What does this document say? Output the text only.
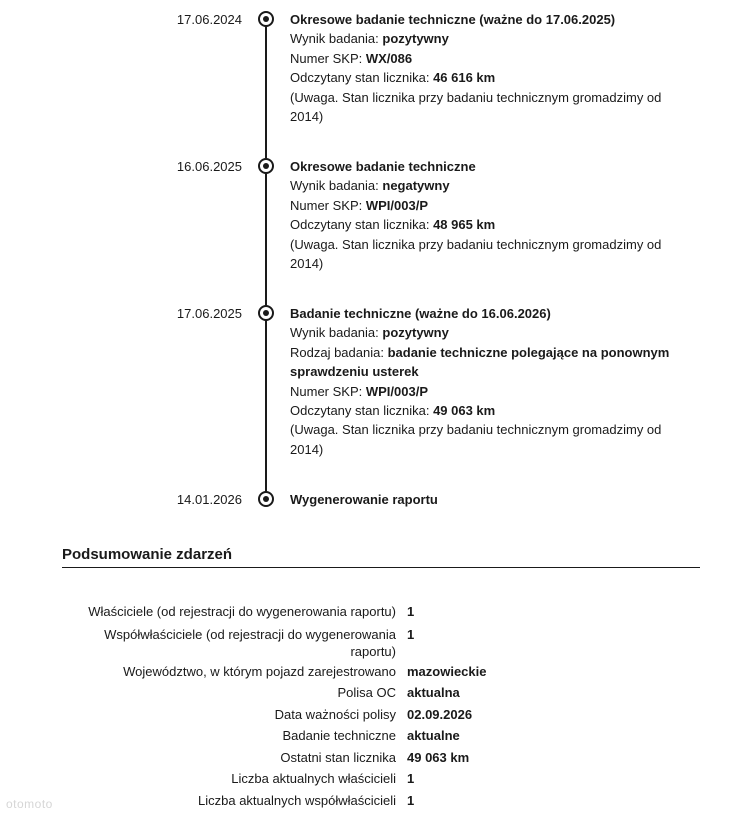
17.06.2024	Okresowe badanie techniczne (ważne do 17.06.2025)
Wynik badania: pozytywny
Numer SKP: WX/086
Odczytany stan licznika: 46 616 km
(Uwaga. Stan licznika przy badaniu technicznym gromadzimy od 2014)
16.06.2025	Okresowe badanie techniczne
Wynik badania: negatywny
Numer SKP: WPI/003/P
Odczytany stan licznika: 48 965 km
(Uwaga. Stan licznika przy badaniu technicznym gromadzimy od 2014)
17.06.2025	Badanie techniczne (ważne do 16.06.2026)
Wynik badania: pozytywny
Rodzaj badania: badanie techniczne polegające na ponownym sprawdzeniu usterek
Numer SKP: WPI/003/P
Odczytany stan licznika: 49 063 km
(Uwaga. Stan licznika przy badaniu technicznym gromadzimy od 2014)
14.01.2026	Wygenerowanie raportu
Podsumowanie zdarzeń
Właściciele (od rejestracji do wygenerowania raportu) 1
Współwłaściciele (od rejestracji do wygenerowania raportu)
1
Województwo, w którym pojazd zarejestrowano mazowieckie
Polisa OC aktualna
Data ważności polisy 02.09.2026
Badanie techniczne aktualne
Ostatni stan licznika 49 063 km
Liczba aktualnych właścicieli 1
Liczba aktualnych współwłaścicieli 1
otomoto
